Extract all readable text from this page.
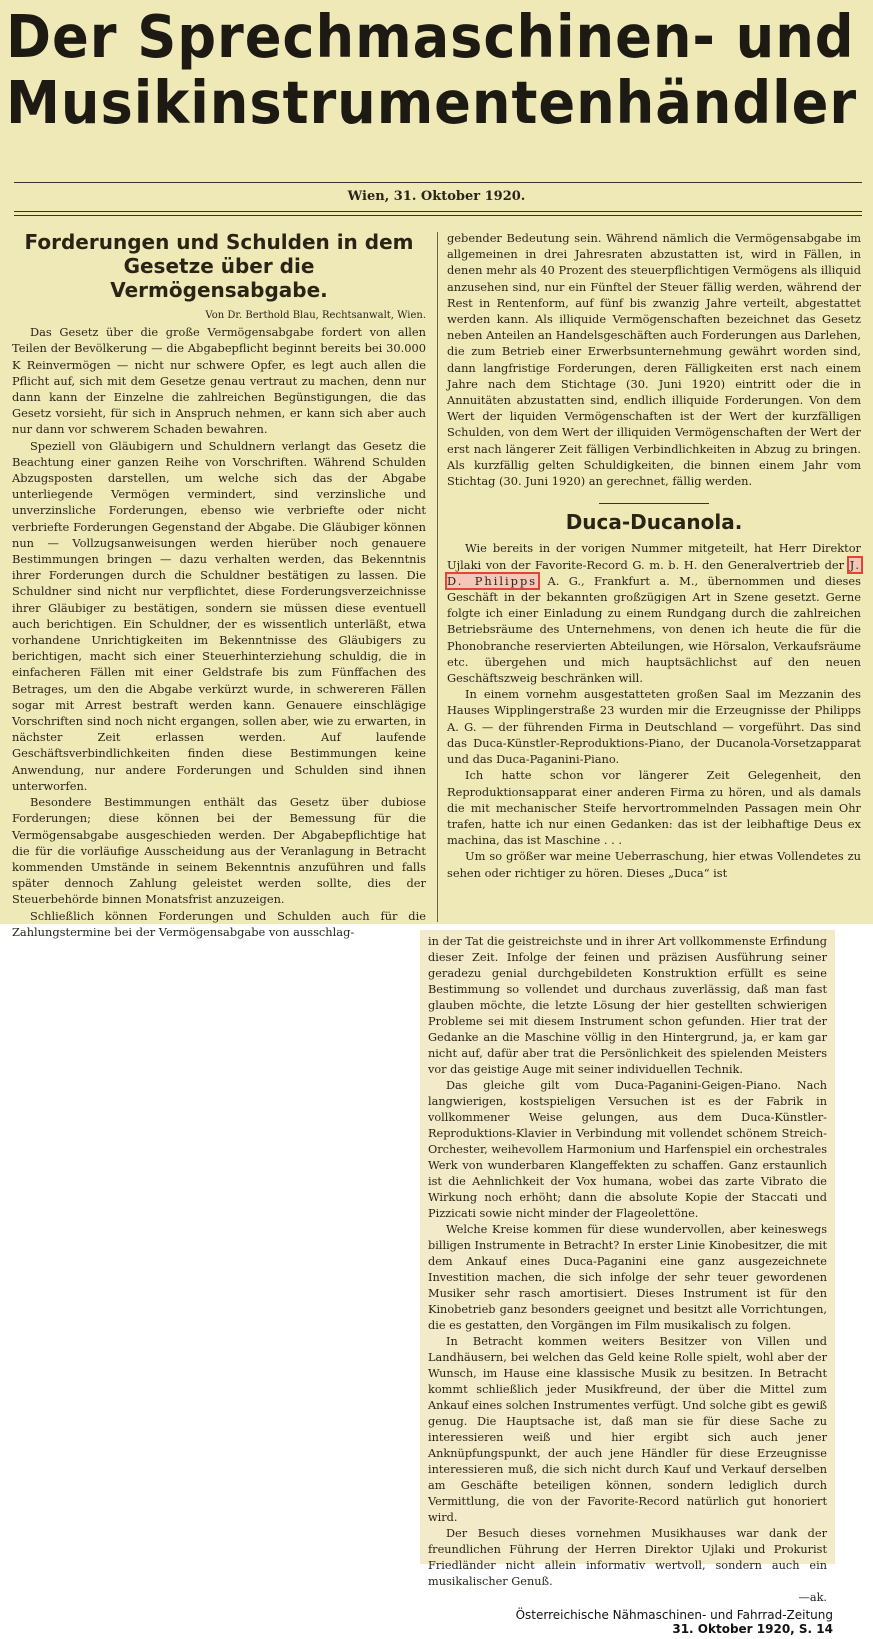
Der Sprechmaschinen- und
Musikinstrumentenhändler
Wien, 31. Oktober 1920.
Forderungen und Schulden in dem Gesetze über die Vermögensabgabe.

Von Dr. Berthold Blau, Rechtsanwalt, Wien.

Das Gesetz über die große Vermögensabgabe fordert von allen Teilen der Bevölkerung — die Abgabepflicht beginnt bereits bei 30.000 K Reinvermögen — nicht nur schwere Opfer, es legt auch allen die Pflicht auf, sich mit dem Gesetze genau vertraut zu machen, denn nur dann kann der Einzelne die zahlreichen Begünstigungen, die das Gesetz vorsieht, für sich in Anspruch nehmen, er kann sich aber auch nur dann vor schwerem Schaden bewahren.

Speziell von Gläubigern und Schuldnern verlangt das Gesetz die Beachtung einer ganzen Reihe von Vorschriften. Während Schulden Abzugsposten darstellen, um welche sich das der Abgabe unterliegende Vermögen vermindert, sind verzinsliche und unverzinsliche Forderungen, ebenso wie verbriefte oder nicht verbriefte Forderungen Gegenstand der Abgabe. Die Gläubiger können nun — Vollzugsanweisungen werden hierüber noch genauere Bestimmungen bringen — dazu verhalten werden, das Bekenntnis ihrer Forderungen durch die Schuldner bestätigen zu lassen. Die Schuldner sind nicht nur verpflichtet, diese Forderungsverzeichnisse ihrer Gläubiger zu bestätigen, sondern sie müssen diese eventuell auch berichtigen. Ein Schuldner, der es wissentlich unterläßt, etwa vorhandene Unrichtigkeiten im Bekenntnisse des Gläubigers zu berichtigen, macht sich einer Steuerhinterziehung schuldig, die in einfacheren Fällen mit einer Geldstrafe bis zum Fünffachen des Betrages, um den die Abgabe verkürzt wurde, in schwereren Fällen sogar mit Arrest bestraft werden kann. Genauere einschlägige Vorschriften sind noch nicht ergangen, sollen aber, wie zu erwarten, in nächster Zeit erlassen werden. Auf laufende Geschäftsverbindlichkeiten finden diese Bestimmungen keine Anwendung, nur andere Forderungen und Schulden sind ihnen unterworfen.

Besondere Bestimmungen enthält das Gesetz über dubiose Forderungen; diese können bei der Bemessung für die Vermögensabgabe ausgeschieden werden. Der Abgabepflichtige hat die für die vorläufige Ausscheidung aus der Veranlagung in Betracht kommenden Umstände in seinem Bekenntnis anzuführen und falls später dennoch Zahlung geleistet werden sollte, dies der Steuerbehörde binnen Monatsfrist anzuzeigen.

Schließlich können Forderungen und Schulden auch für die Zahlungstermine bei der Vermögensabgabe von ausschlag-

gebender Bedeutung sein. Während nämlich die Vermögensabgabe im allgemeinen in drei Jahresraten abzustatten ist, wird in Fällen, in denen mehr als 40 Prozent des steuerpflichtigen Vermögens als illiquid anzusehen sind, nur ein Fünftel der Steuer fällig werden, während der Rest in Rentenform, auf fünf bis zwanzig Jahre verteilt, abgestattet werden kann. Als illiquide Vermögenschaften bezeichnet das Gesetz neben Anteilen an Handelsgeschäften auch Forderungen aus Darlehen, die zum Betrieb einer Erwerbsunternehmung gewährt worden sind, dann langfristige Forderungen, deren Fälligkeiten erst nach einem Jahre nach dem Stichtage (30. Juni 1920) eintritt oder die in Annuitäten abzustatten sind, endlich illiquide Forderungen. Von dem Wert der liquiden Vermögenschaften ist der Wert der kurzfälligen Schulden, von dem Wert der illiquiden Vermögenschaften der Wert der erst nach längerer Zeit fälligen Verbindlichkeiten in Abzug zu bringen. Als kurzfällig gelten Schuldigkeiten, die binnen einem Jahr vom Stichtag (30. Juni 1920) an gerechnet, fällig werden.

Duca-Ducanola.

Wie bereits in der vorigen Nummer mitgeteilt, hat Herr Direktor Ujlaki von der Favorite-Record G. m. b. H. den Generalvertrieb der J. D. Philipps A. G., Frankfurt a. M., übernommen und dieses Geschäft in der bekannten großzügigen Art in Szene gesetzt. Gerne folgte ich einer Einladung zu einem Rundgang durch die zahlreichen Betriebsräume des Unternehmens, von denen ich heute die für die Phonobranche reservierten Abteilungen, wie Hörsalon, Verkaufsräume etc. übergehen und mich hauptsächlichst auf den neuen Geschäftszweig beschränken will.

In einem vornehm ausgestatteten großen Saal im Mezzanin des Hauses Wipplingerstraße 23 wurden mir die Erzeugnisse der Philipps A. G. — der führenden Firma in Deutschland — vorgeführt. Das sind das Duca-Künstler-Reproduktions-Piano, der Ducanola-Vorsetzapparat und das Duca-Paganini-Piano.

Ich hatte schon vor längerer Zeit Gelegenheit, den Reproduktionsapparat einer anderen Firma zu hören, und als damals die mit mechanischer Steife hervortrommelnden Passagen mein Ohr trafen, hatte ich nur einen Gedanken: das ist der leibhaftige Deus ex machina, das ist Maschine . . .

Um so größer war meine Ueberraschung, hier etwas Vollendetes zu sehen oder richtiger zu hören. Dieses „Duca“ ist

in der Tat die geistreichste und in ihrer Art vollkommenste Erfindung dieser Zeit. Infolge der feinen und präzisen Ausführung seiner geradezu genial durchgebildeten Konstruktion erfüllt es seine Bestimmung so vollendet und durchaus zuverlässig, daß man fast glauben möchte, die letzte Lösung der hier gestellten schwierigen Probleme sei mit diesem Instrument schon gefunden. Hier trat der Gedanke an die Maschine völlig in den Hintergrund, ja, er kam gar nicht auf, dafür aber trat die Persönlichkeit des spielenden Meisters vor das geistige Auge mit seiner individuellen Technik.

Das gleiche gilt vom Duca-Paganini-Geigen-Piano. Nach langwierigen, kostspieligen Versuchen ist es der Fabrik in vollkommener Weise gelungen, aus dem Duca-Künstler-Reproduktions-Klavier in Verbindung mit vollendet schönem Streich-Orchester, weihevollem Harmonium und Harfenspiel ein orchestrales Werk von wunderbaren Klangeffekten zu schaffen. Ganz erstaunlich ist die Aehnlichkeit der Vox humana, wobei das zarte Vibrato die Wirkung noch erhöht; dann die absolute Kopie der Staccati und Pizzicati sowie nicht minder der Flageolettöne.

Welche Kreise kommen für diese wundervollen, aber keineswegs billigen Instrumente in Betracht? In erster Linie Kinobesitzer, die mit dem Ankauf eines Duca-Paganini eine ganz ausgezeichnete Investition machen, die sich infolge der sehr teuer gewordenen Musiker sehr rasch amortisiert. Dieses Instrument ist für den Kinobetrieb ganz besonders geeignet und besitzt alle Vorrichtungen, die es gestatten, den Vorgängen im Film musikalisch zu folgen.

In Betracht kommen weiters Besitzer von Villen und Landhäusern, bei welchen das Geld keine Rolle spielt, wohl aber der Wunsch, im Hause eine klassische Musik zu besitzen. In Betracht kommt schließlich jeder Musikfreund, der über die Mittel zum Ankauf eines solchen Instrumentes verfügt. Und solche gibt es gewiß genug. Die Hauptsache ist, daß man sie für diese Sache zu interessieren weiß und hier ergibt sich auch jener Anknüpfungspunkt, der auch jene Händler für diese Erzeugnisse interessieren muß, die sich nicht durch Kauf und Verkauf derselben am Geschäfte beteiligen können, sondern lediglich durch Vermittlung, die von der Favorite-Record natürlich gut honoriert wird.

Der Besuch dieses vornehmen Musikhauses war dank der freundlichen Führung der Herren Direktor Ujlaki und Prokurist Friedländer nicht allein informativ wertvoll, sondern auch ein musikalischer Genuß.

—ak.

Österreichische Nähmaschinen- und Fahrrad-Zeitung
31. Oktober 1920, S. 14
